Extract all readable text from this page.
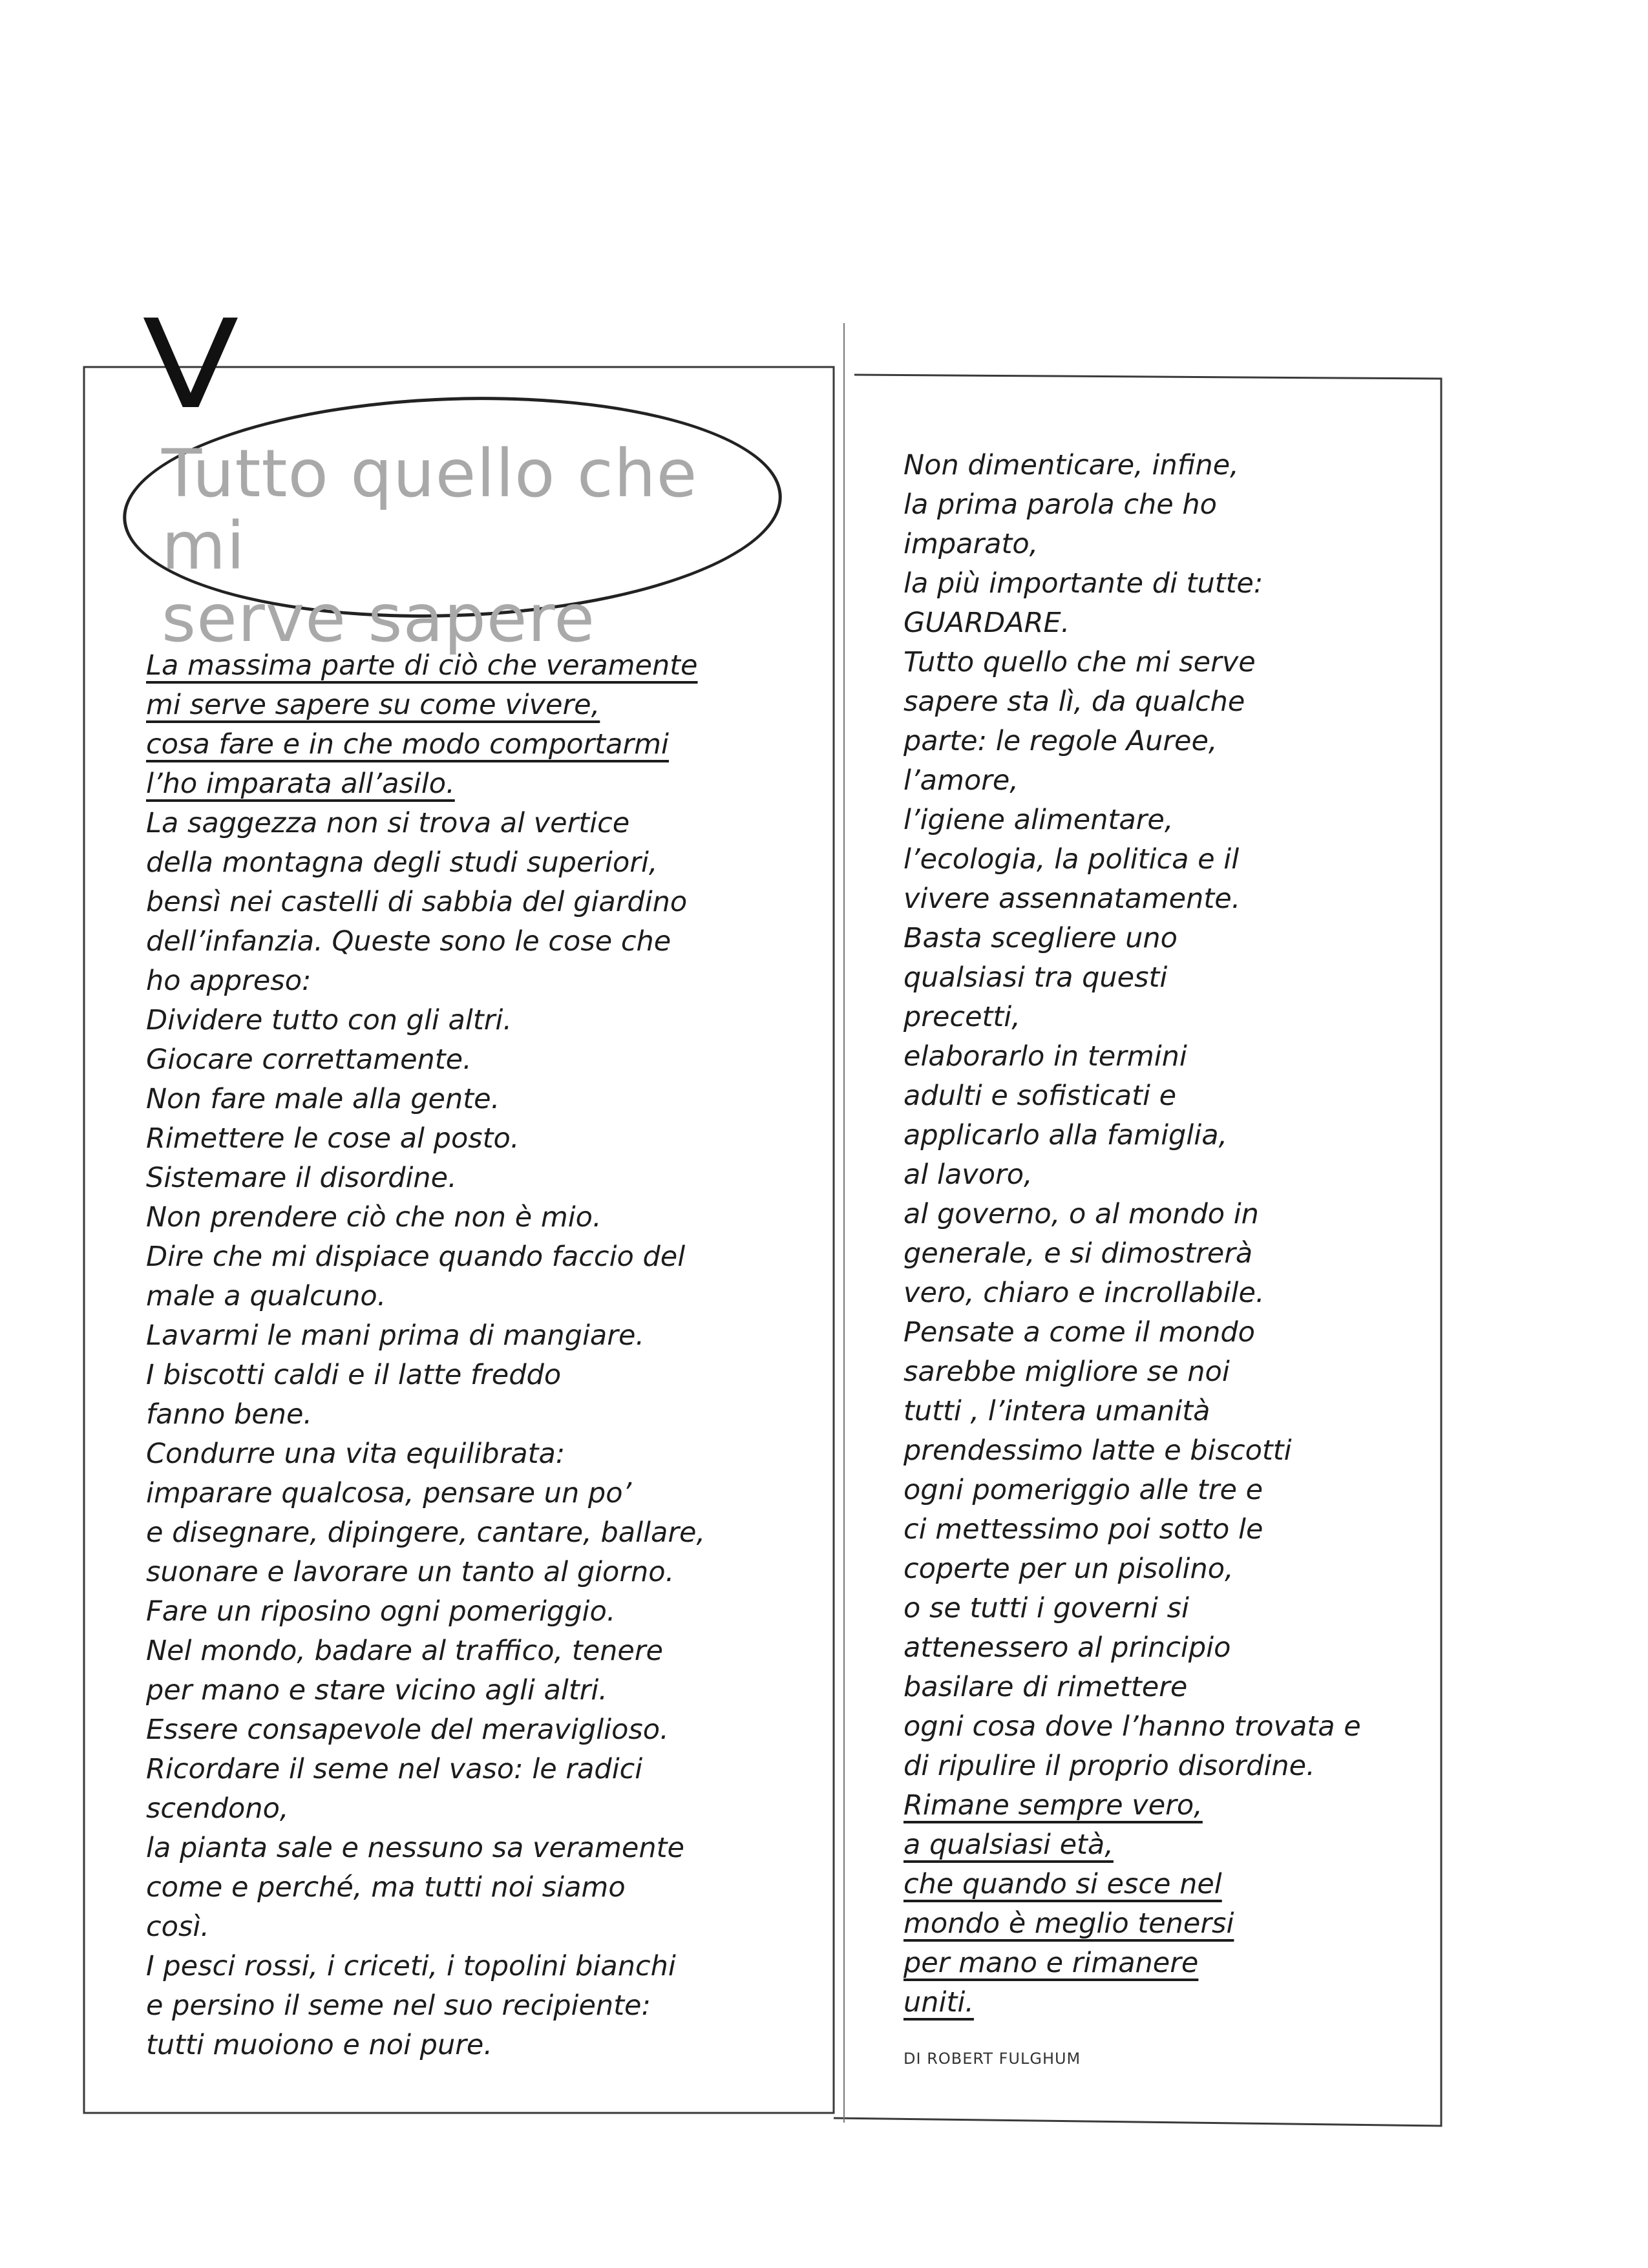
V
Tutto quello che mi
serve sapere
La massima parte di ciò che veramente
mi serve sapere su come vivere,
cosa fare e in che modo comportarmi
l’ho imparata all’asilo.
La saggezza non si trova al vertice
della montagna degli studi superiori,
bensì nei castelli di sabbia del giardino
dell’infanzia. Queste sono le cose che
ho appreso:
Dividere tutto con gli altri.
Giocare correttamente.
Non fare male alla gente.
Rimettere le cose al posto.
Sistemare il disordine.
Non prendere ciò che non è mio.
Dire che mi dispiace quando faccio del
male a qualcuno.
Lavarmi le mani prima di mangiare.
I biscotti caldi e il latte freddo
fanno bene.
Condurre una vita equilibrata:
imparare qualcosa, pensare un po’
e disegnare, dipingere, cantare, ballare,
suonare e lavorare un tanto al giorno.
Fare un riposino ogni pomeriggio.
Nel mondo, badare al traffico, tenere
per mano e stare vicino agli altri.
Essere consapevole del meraviglioso.
Ricordare il seme nel vaso: le radici
scendono,
la pianta sale e nessuno sa veramente
come e perché, ma tutti noi siamo
così.
I pesci rossi, i criceti, i topolini bianchi
e persino il seme nel suo recipiente:
tutti muoiono e noi pure.
Non dimenticare, infine,
la prima parola che ho
imparato,
la più importante di tutte:
GUARDARE.
Tutto quello che mi serve
sapere sta lì, da qualche
parte: le regole Auree,
l’amore,
l’igiene alimentare,
l’ecologia, la politica e il
vivere assennatamente.
Basta scegliere uno
qualsiasi tra questi
precetti,
elaborarlo in termini
adulti e sofisticati e
applicarlo alla famiglia,
al lavoro,
al governo, o al mondo in
generale, e si dimostrerà
vero, chiaro e incrollabile.
Pensate a come il mondo
sarebbe migliore se noi
tutti , l’intera umanità
prendessimo latte e biscotti
ogni pomeriggio alle tre e
ci mettessimo poi sotto le
coperte per un pisolino,
o se tutti i governi si
attenessero al principio
basilare di rimettere
ogni cosa dove l’hanno trovata e
di ripulire il proprio disordine.
Rimane sempre vero,
a qualsiasi età,
che quando si esce nel
mondo è meglio tenersi
per mano e rimanere
uniti.
DI ROBERT FULGHUM
